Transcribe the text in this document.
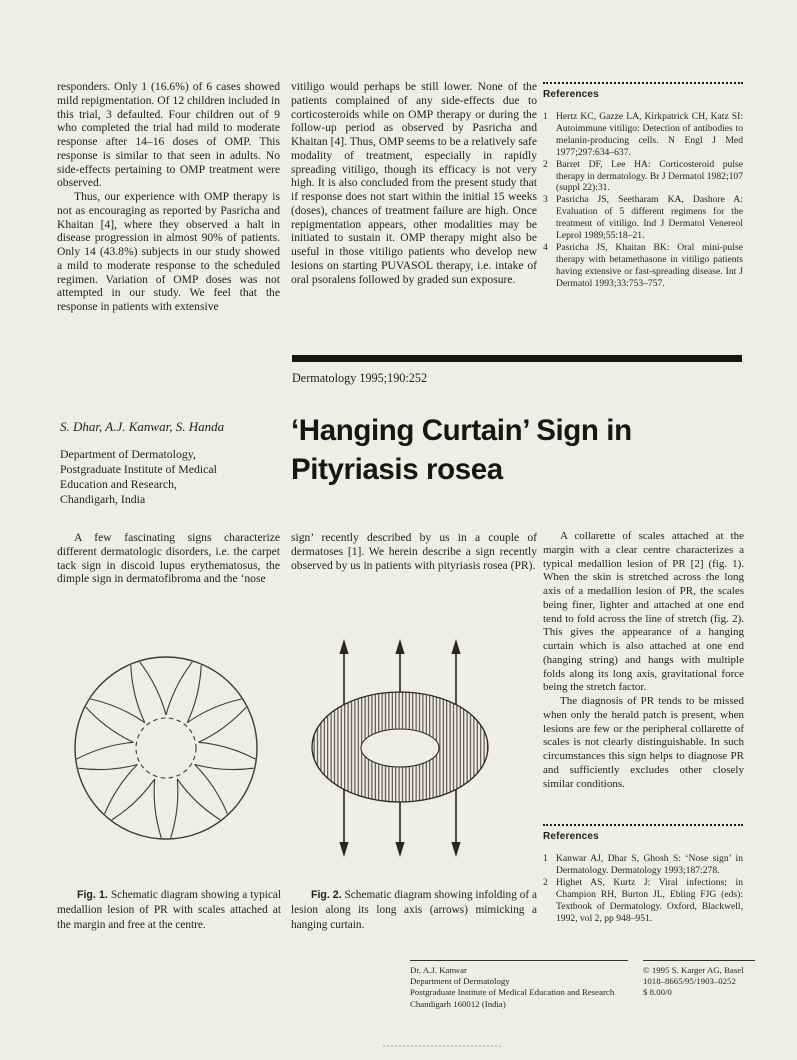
responders. Only 1 (16.6%) of 6 cases showed mild repigmentation. Of 12 children included in this trial, 3 defaulted. Four children out of 9 who completed the trial had mild to moderate response after 14–16 doses of OMP. This response is similar to that seen in adults. No side-effects pertaining to OMP treatment were observed.

Thus, our experience with OMP therapy is not as encouraging as reported by Pasricha and Khaitan [4], where they observed a halt in disease progression in almost 90% of patients. Only 14 (43.8%) subjects in our study showed a mild to moderate response to the scheduled regimen. Variation of OMP doses was not attempted in our study. We feel that the response in patients with extensive

vitiligo would perhaps be still lower. None of the patients complained of any side-effects due to corticosteroids while on OMP therapy or during the follow-up period as observed by Pasricha and Khaitan [4]. Thus, OMP seems to be a relatively safe modality of treatment, especially in rapidly spreading vitiligo, though its efficacy is not very high. It is also concluded from the present study that if response does not start within the initial 15 weeks (doses), chances of treatment failure are high. Once repigmentation appears, other modalities may be initiated to sustain it. OMP therapy might also be useful in those vitiligo patients who develop new lesions on starting PUVASOL therapy, i.e. intake of oral psoralens followed by graded sun exposure.

References
1 Hertz KC, Gazze LA, Kirkpatrick CH, Katz SI: Autoimmune vitiligo: Detection of antibodies to melanin-producing cells. N Engl J Med 1977;297:634–637.
2 Barret DF, Lee HA: Corticosteroid pulse therapy in dermatology. Br J Dermatol 1982;107 (suppl 22):31.
3 Pasricha JS, Seetharam KA, Dashore A: Evaluation of 5 different regimens for the treatment of vitiligo. Ind J Dermatol Venereol Leprol 1989;55:18–21.
4 Pasricha JS, Khaitan BK: Oral mini-pulse therapy with betamethasone in vitiligo patients having extensive or fast-spreading disease. Int J Dermatol 1993;33:753–757.
Dermatology 1995;190:252
S. Dhar, A.J. Kanwar, S. Handa
Department of Dermatology,
Postgraduate Institute of Medical
Education and Research,
Chandigarh, India
‘Hanging Curtain’ Sign in
Pityriasis rosea

A few fascinating signs characterize different dermatologic disorders, i.e. the carpet tack sign in discoid lupus erythematosus, the dimple sign in dermatofibroma and the ‘nose

sign’ recently described by us in a couple of dermatoses [1]. We herein describe a sign recently observed by us in patients with pityriasis rosea (PR).

A collarette of scales attached at the margin with a clear centre characterizes a typical medallion lesion of PR [2] (fig. 1). When the skin is stretched across the long axis of a medallion lesion of PR, the scales being finer, lighter and attached at one end tend to fold across the line of stretch (fig. 2). This gives the appearance of a hanging curtain which is also attached at one end (hanging string) and hangs with multiple folds along its long axis, gravitational force being the stretch factor.

The diagnosis of PR tends to be missed when only the herald patch is present, when lesions are few or the peripheral collarette of scales is not clearly distinguishable. In such circumstances this sign helps to diagnose PR and sufficiently excludes other closely similar conditions.

Fig. 1. Schematic diagram showing a typical medallion lesion of PR with scales attached at the margin and free at the centre.
Fig. 2. Schematic diagram showing infolding of a lesion along its long axis (arrows) mimicking a hanging curtain.
References
1 Kanwar AJ, Dhar S, Ghosh S: ‘Nose sign’ in Dermatology. Dermatology 1993;187:278.
2 Highet AS, Kurtz J: Viral infections; in Champion RH, Burton JL, Ebling FJG (eds): Textbook of Dermatology. Oxford, Blackwell, 1992, vol 2, pp 948–951.
Dr. A.J. Kanwar
Department of Dermatology
Postgraduate Institute of Medical Education and Research
Chandigarh 160012 (India)
© 1995 S. Karger AG, Basel
1018–8665/95/1903–0252
$ 8.00/0
